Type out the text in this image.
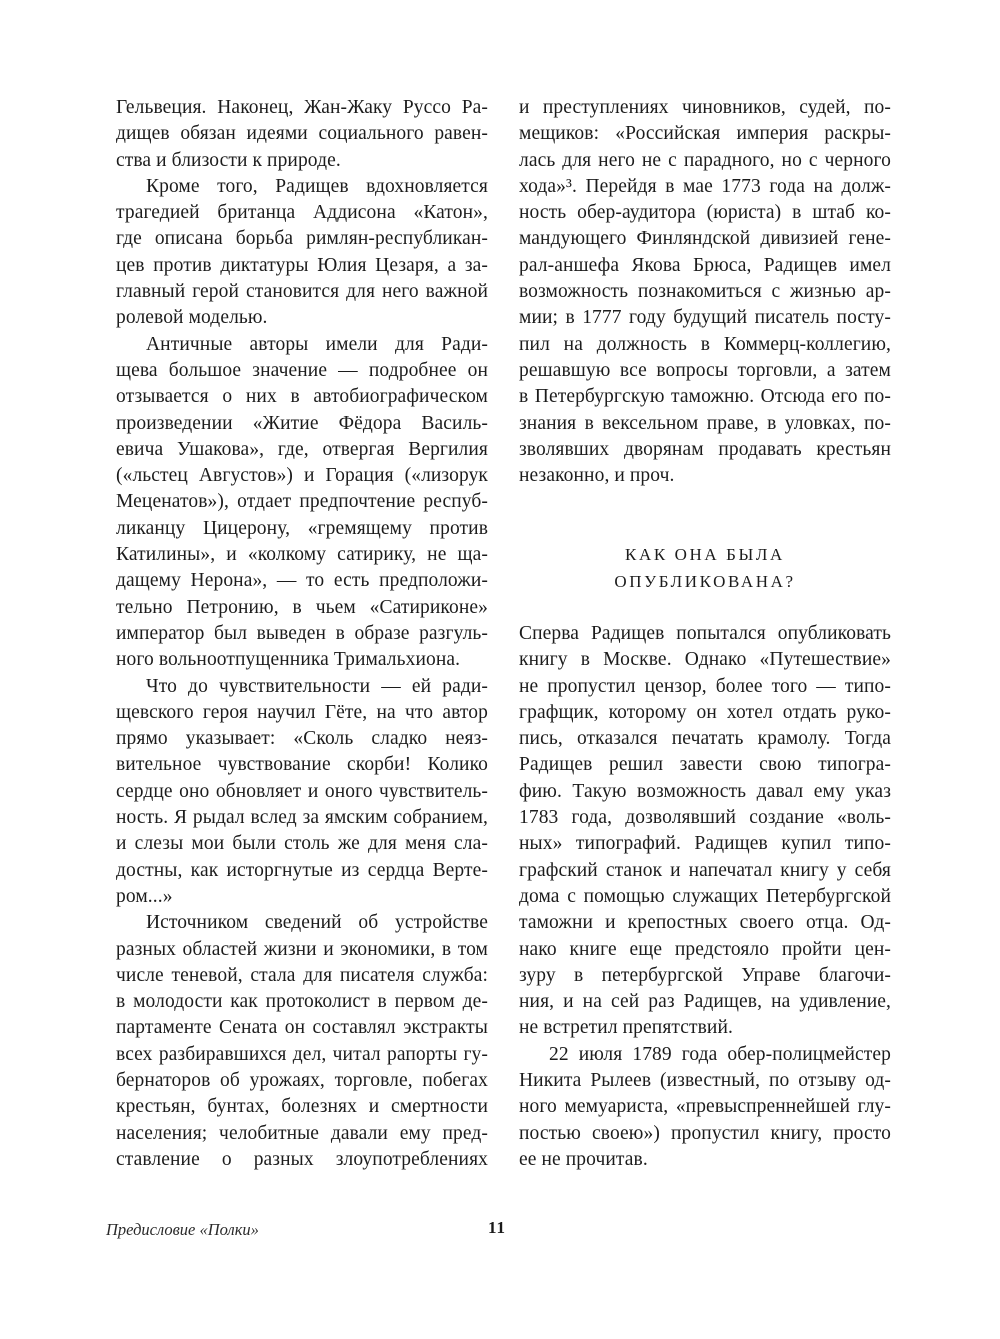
Гельвеция. Наконец, Жан-Жаку Руссо Ра-
дищев обязан идеями социального равен-
ства и близости к природе.
Кроме того, Радищев вдохновляется
трагедией британца Аддисона «Катон»,
где описана борьба римлян-республикан-
цев против диктатуры Юлия Цезаря, а за-
главный герой становится для него важной
ролевой моделью.
Античные авторы имели для Ради-
щева большое значение — подробнее он
отзывается о них в автобиографическом
произведении «Житие Фёдора Василь-
евича Ушакова», где, отвергая Вергилия
(«льстец Августов») и Горация («лизорук
Меценатов»), отдает предпочтение респуб-
ликанцу Цицерону, «гремящему против
Катилины», и «колкому сатирику, не ща-
дащему Нерона», — то есть предположи-
тельно Петронию, в чьем «Сатириконе»
император был выведен в образе разгуль-
ного вольноотпущенника Тримальхиона.
Что до чувствительности — ей ради-
щевского героя научил Гёте, на что автор
прямо указывает: «Сколь сладко неяз-
вительное чувствование скорби! Колико
сердце оно обновляет и оного чувствитель-
ность. Я рыдал вслед за ямским собранием,
и слезы мои были столь же для меня сла-
достны, как исторгнутые из сердца Верте-
ром...»
Источником сведений об устройстве
разных областей жизни и экономики, в том
числе теневой, стала для писателя служба:
в молодости как протоколист в первом де-
партаменте Сената он составлял экстракты
всех разбиравшихся дел, читал рапорты гу-
бернаторов об урожаях, торговле, побегах
крестьян, бунтах, болезнях и смертности
населения; челобитные давали ему пред-
ставление о разных злоупотреблениях
и преступлениях чиновников, судей, по-
мещиков: «Российская империя раскры-
лась для него не с парадного, но с черного
хода»³. Перейдя в мае 1773 года на долж-
ность обер-аудитора (юриста) в штаб ко-
мандующего Финляндской дивизией гене-
рал-аншефа Якова Брюса, Радищев имел
возможность познакомиться с жизнью ар-
мии; в 1777 году будущий писатель посту-
пил на должность в Коммерц-коллегию,
решавшую все вопросы торговли, а затем
в Петербургскую таможню. Отсюда его по-
знания в вексельном праве, в уловках, по-
зволявших дворянам продавать крестьян
незаконно, и проч.
КАК ОНА БЫЛА
ОПУБЛИКОВАНА?
Сперва Радищев попытался опубликовать
книгу в Москве. Однако «Путешествие»
не пропустил цензор, более того — типо-
графщик, которому он хотел отдать руко-
пись, отказался печатать крамолу. Тогда
Радищев решил завести свою типогра-
фию. Такую возможность давал ему указ
1783 года, дозволявший создание «воль-
ных» типографий. Радищев купил типо-
графский станок и напечатал книгу у себя
дома с помощью служащих Петербургской
таможни и крепостных своего отца. Од-
нако книге еще предстояло пройти цен-
зуру в петербургской Управе благочи-
ния, и на сей раз Радищев, на удивление,
не встретил препятствий.
22 июля 1789 года обер-полицмейстер
Никита Рылеев (известный, по отзыву од-
ного мемуариста, «превыспреннейшей глу-
постью своею») пропустил книгу, просто
ее не прочитав.
Предисловие «Полки»	11
